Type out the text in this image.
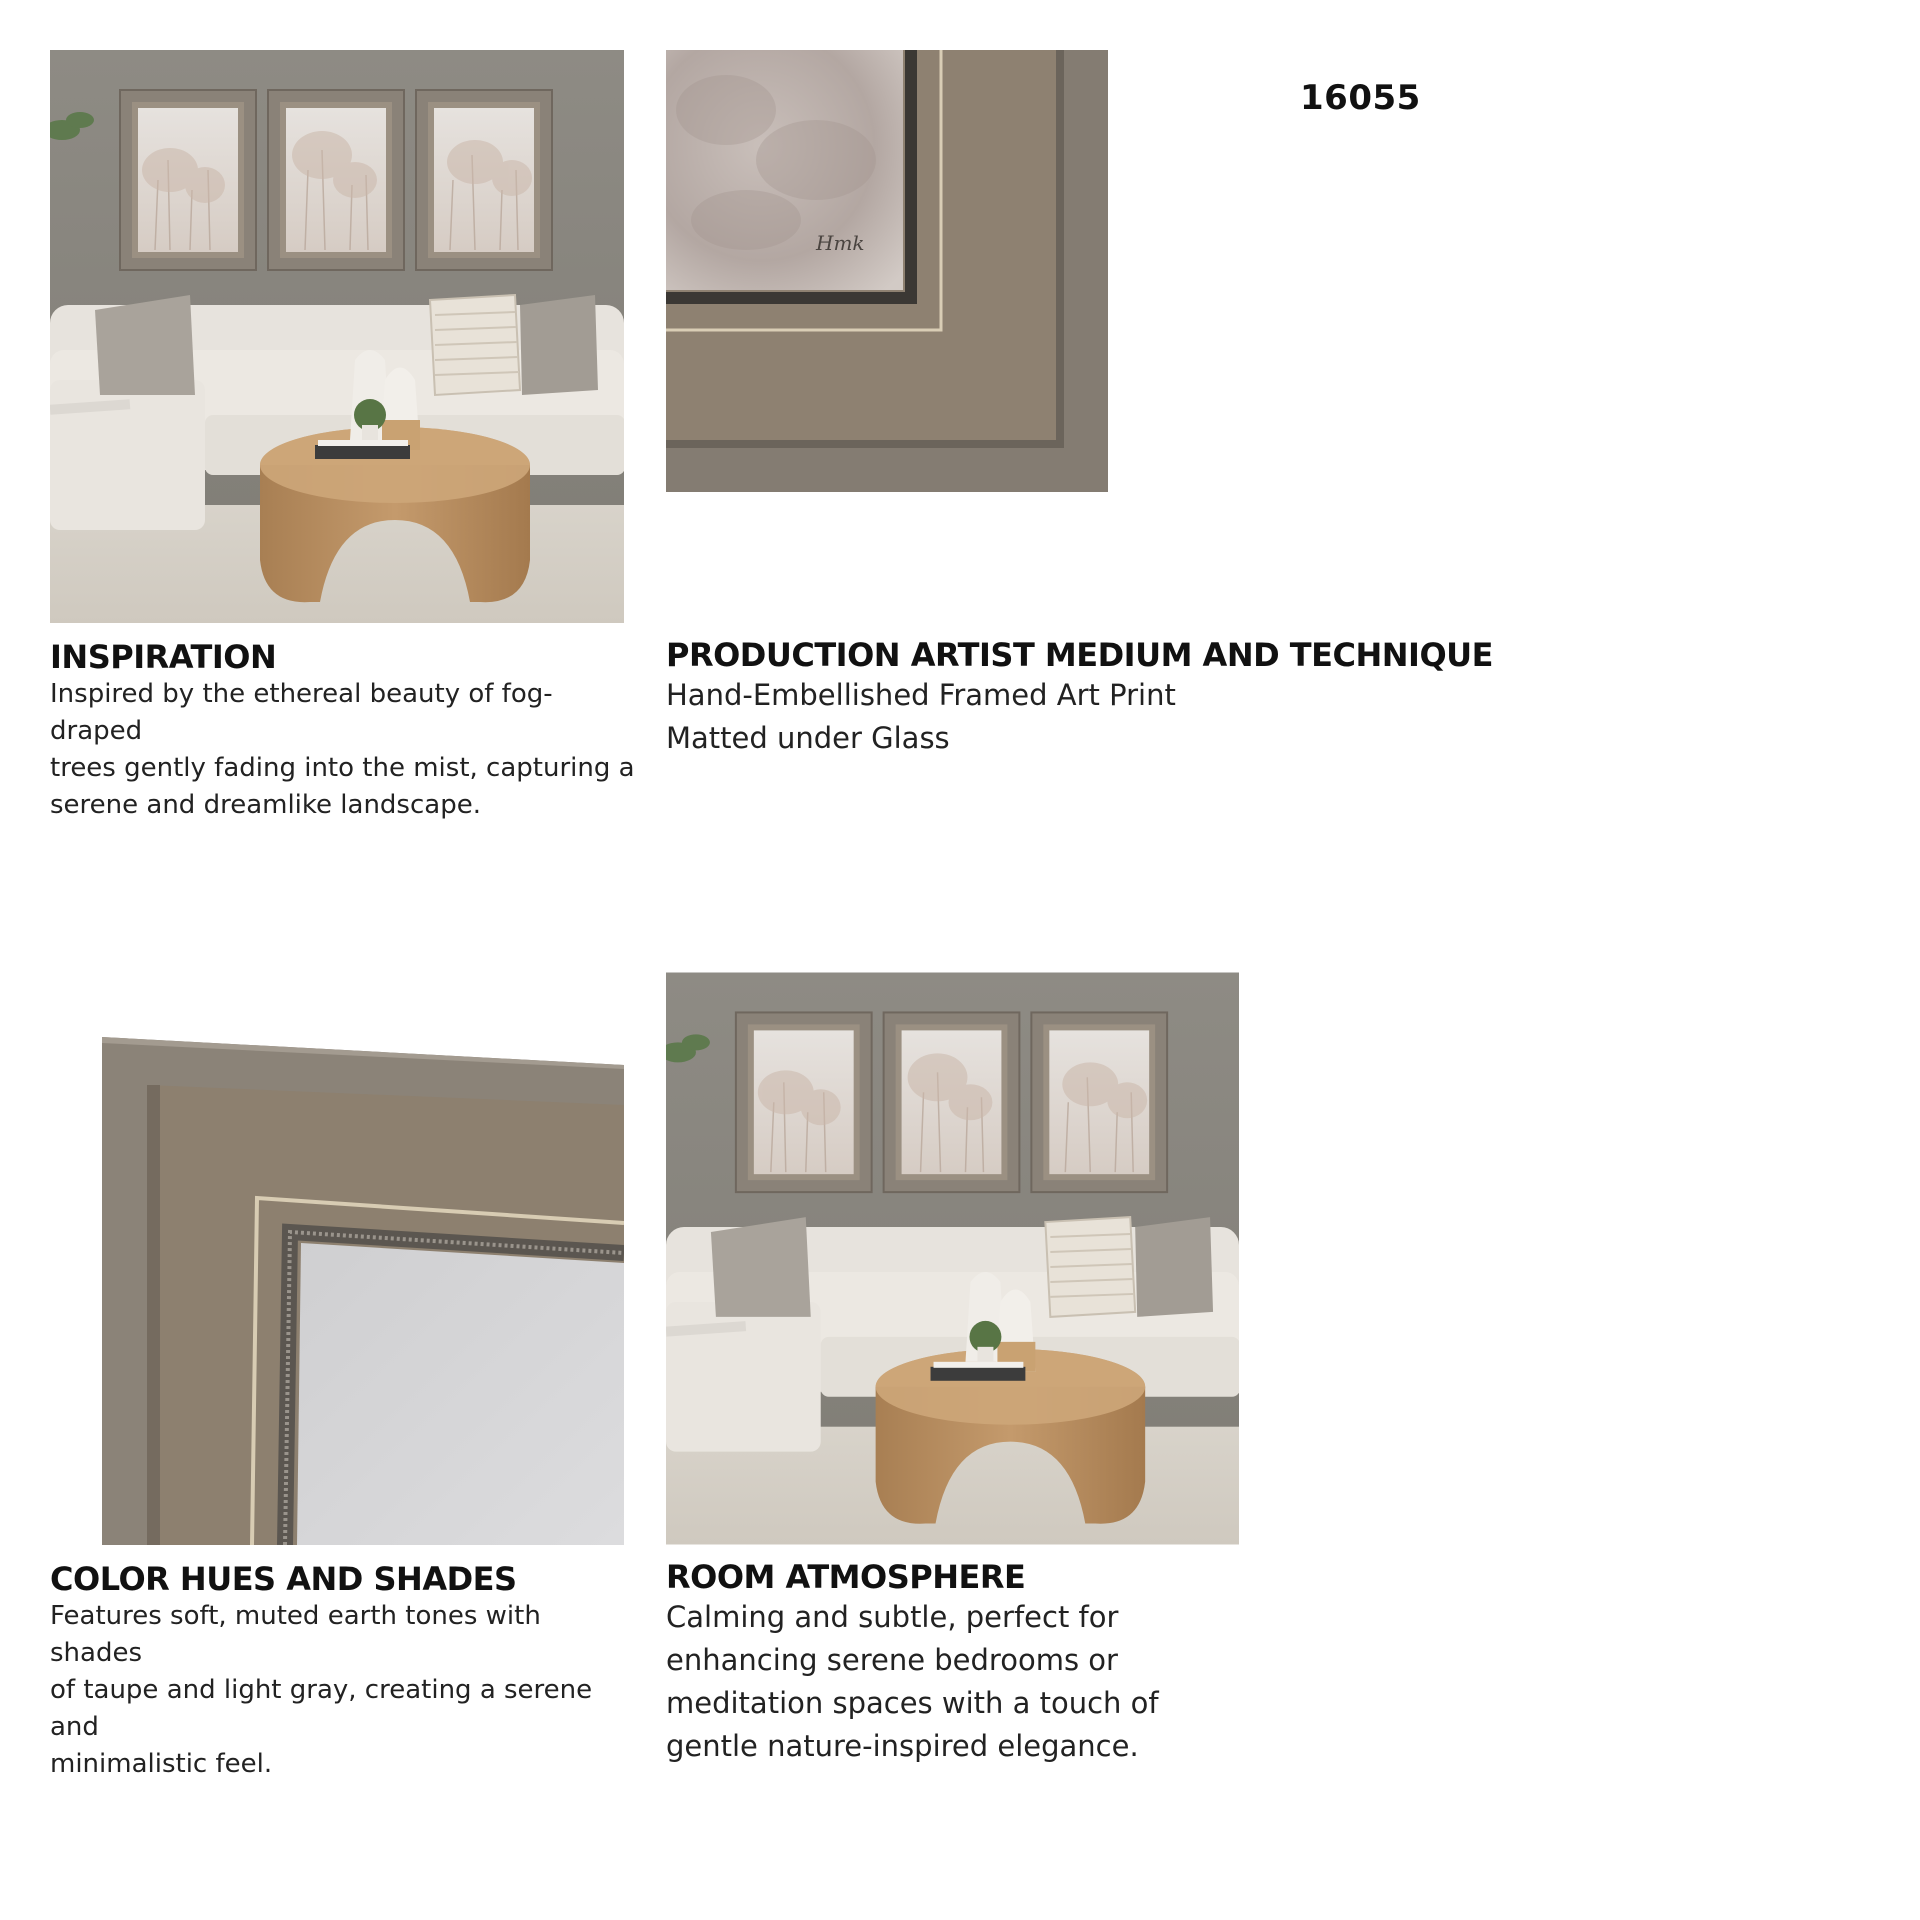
16055
Hmk
INSPIRATION
Inspired by the ethereal beauty of fog-draped
trees gently fading into the mist, capturing a
serene and dreamlike landscape.
PRODUCTION ARTIST MEDIUM AND TECHNIQUE
Hand-Embellished Framed Art Print
Matted under Glass
COLOR HUES AND SHADES
Features soft, muted earth tones with shades
of taupe and light gray, creating a serene and
minimalistic feel.
ROOM ATMOSPHERE
Calming and subtle, perfect for
enhancing serene bedrooms or
meditation spaces with a touch of
gentle nature-inspired elegance.
